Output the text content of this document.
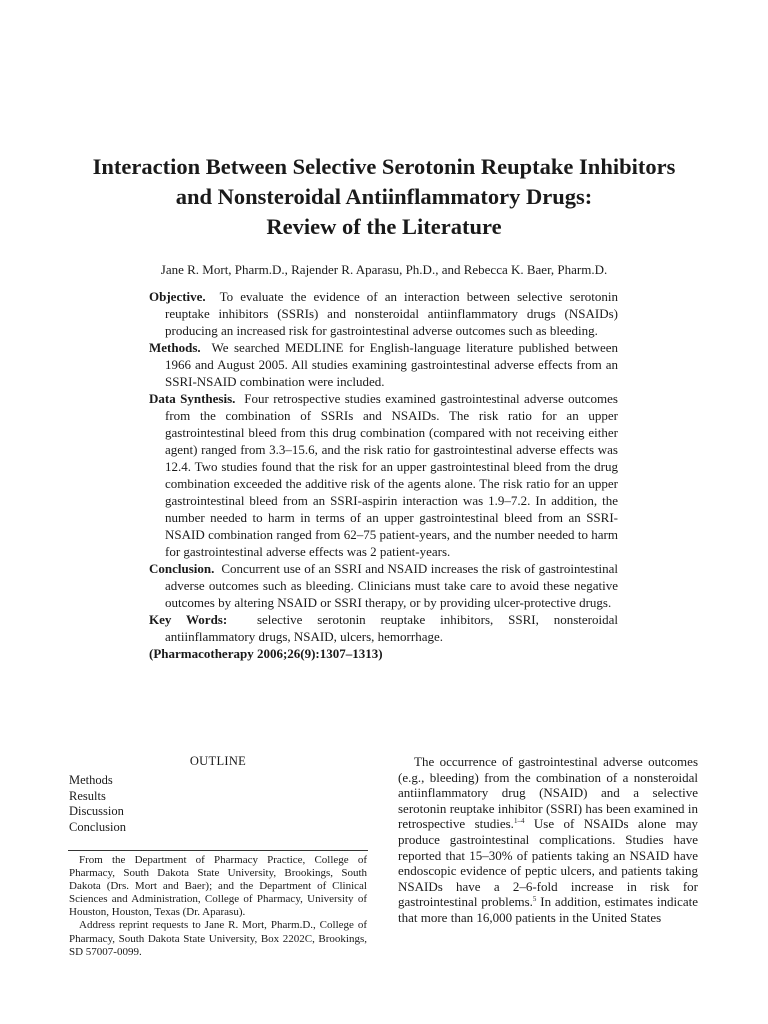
Interaction Between Selective Serotonin Reuptake Inhibitors
and Nonsteroidal Antiinflammatory Drugs:
Review of the Literature
Jane R. Mort, Pharm.D., Rajender R. Aparasu, Ph.D., and Rebecca K. Baer, Pharm.D.

Objective. To evaluate the evidence of an interaction between selective serotonin reuptake inhibitors (SSRIs) and nonsteroidal antiinflammatory drugs (NSAIDs) producing an increased risk for gastrointestinal adverse outcomes such as bleeding.

Methods. We searched MEDLINE for English-language literature published between 1966 and August 2005. All studies examining gastrointestinal adverse effects from an SSRI-NSAID combination were included.

Data Synthesis. Four retrospective studies examined gastrointestinal adverse outcomes from the combination of SSRIs and NSAIDs. The risk ratio for an upper gastrointestinal bleed from this drug combination (compared with not receiving either agent) ranged from 3.3–15.6, and the risk ratio for gastrointestinal adverse effects was 12.4. Two studies found that the risk for an upper gastrointestinal bleed from the drug combination exceeded the additive risk of the agents alone. The risk ratio for an upper gastrointestinal bleed from an SSRI-aspirin interaction was 1.9–7.2. In addition, the number needed to harm in terms of an upper gastrointestinal bleed from an SSRI-NSAID combination ranged from 62–75 patient-years, and the number needed to harm for gastrointestinal adverse effects was 2 patient-years.

Conclusion. Concurrent use of an SSRI and NSAID increases the risk of gastrointestinal adverse outcomes such as bleeding. Clinicians must take care to avoid these negative outcomes by altering NSAID or SSRI therapy, or by providing ulcer-protective drugs.

Key Words: selective serotonin reuptake inhibitors, SSRI, nonsteroidal antiinflammatory drugs, NSAID, ulcers, hemorrhage.

(Pharmacotherapy 2006;26(9):1307–1313)

OUTLINE
Methods
Results
Discussion
Conclusion

From the Department of Pharmacy Practice, College of Pharmacy, South Dakota State University, Brookings, South Dakota (Drs. Mort and Baer); and the Department of Clinical Sciences and Administration, College of Pharmacy, University of Houston, Houston, Texas (Dr. Aparasu).

Address reprint requests to Jane R. Mort, Pharm.D., College of Pharmacy, South Dakota State University, Box 2202C, Brookings, SD 57007-0099.

The occurrence of gastrointestinal adverse outcomes (e.g., bleeding) from the combination of a nonsteroidal antiinflammatory drug (NSAID) and a selective serotonin reuptake inhibitor (SSRI) has been examined in retrospective studies.$^{1-4}$ Use of NSAIDs alone may produce gastrointestinal complications. Studies have reported that 15–30% of patients taking an NSAID have endoscopic evidence of peptic ulcers, and patients taking NSAIDs have a 2–6-fold increase in risk for gastrointestinal problems.$^5$ In addition, estimates indicate that more than 16,000 patients in the United States
